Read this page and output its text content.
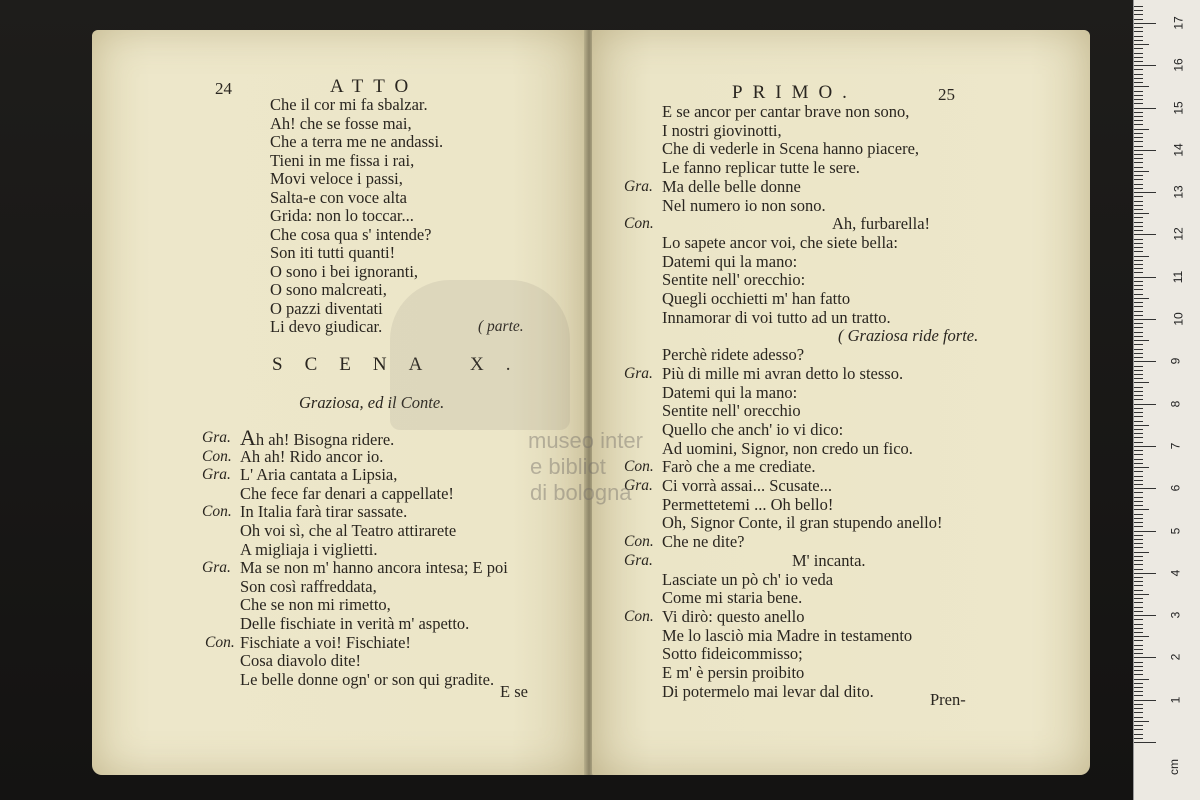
24	ATTO
Che il cor mi fa sbalzar.
Ah! che se fosse mai,
Che a terra me ne andassi.
Tieni in me fissa i rai,
Movi veloce i passi,
Salta-e con voce alta
Grida: non lo toccar...
Che cosa qua s' intende?
Son iti tutti quanti!
O sono i bei ignoranti,
O sono malcreati,
O pazzi diventati
Li devo giudicar.	( parte.
SCENA X.
Graziosa, ed il Conte.
Gra. Ah ah! Bisogna ridere.
Con. Ah ah! Rido ancor io.
Gra. L' Aria cantata a Lipsia,
Che fece far denari a cappellate!
Con. In Italia farà tirar sassate.
Oh voi sì, che al Teatro attirarete
A migliaja i viglietti.
Gra. Ma se non m' hanno ancora intesa; E poi
Son così raffreddata,
Che se non mi rimetto,
Delle fischiate in verità m' aspetto.
Con. Fischiate a voi! Fischiate!
Cosa diavolo dite!
Le belle donne ogn' or son qui gradite.
E se
PRIMO.	25
E se ancor per cantar brave non sono,
I nostri giovinotti,
Che di vederle in Scena hanno piacere,
Le fanno replicar tutte le sere.
Gra. Ma delle belle donne
Nel numero io non sono.
Con.	Ah, furbarella!
Lo sapete ancor voi, che siete bella:
Datemi qui la mano:
Sentite nell' orecchio:
Quegli occhietti m' han fatto
Innamorar di voi tutto ad un tratto.
( Graziosa ride forte.
Perchè ridete adesso?
Gra. Più di mille mi avran detto lo stesso.
Datemi qui la mano:
Sentite nell' orecchio
Quello che anch' io vi dico:
Ad uomini, Signor, non credo un fico.
Con. Farò che a me crediate.
Gra. Ci vorrà assai... Scusate...
Permettetemi ... Oh bello!
Oh, Signor Conte, il gran stupendo anello!
Con. Che ne dite?
Gra.	M' incanta.
Lasciate un pò ch' io veda
Come mi staria bene.
Con. Vi dirò: questo anello
Me lo lasciò mia Madre in testamento
Sotto fideicommisso;
E m' è persin proibito
Di potermelo mai levar dal dito.	Pren-
museo inter
e bibliot
di bologna
cm
1
2
3
4
5
6
7
8
9
10
11
12
13
14
15
16
17
